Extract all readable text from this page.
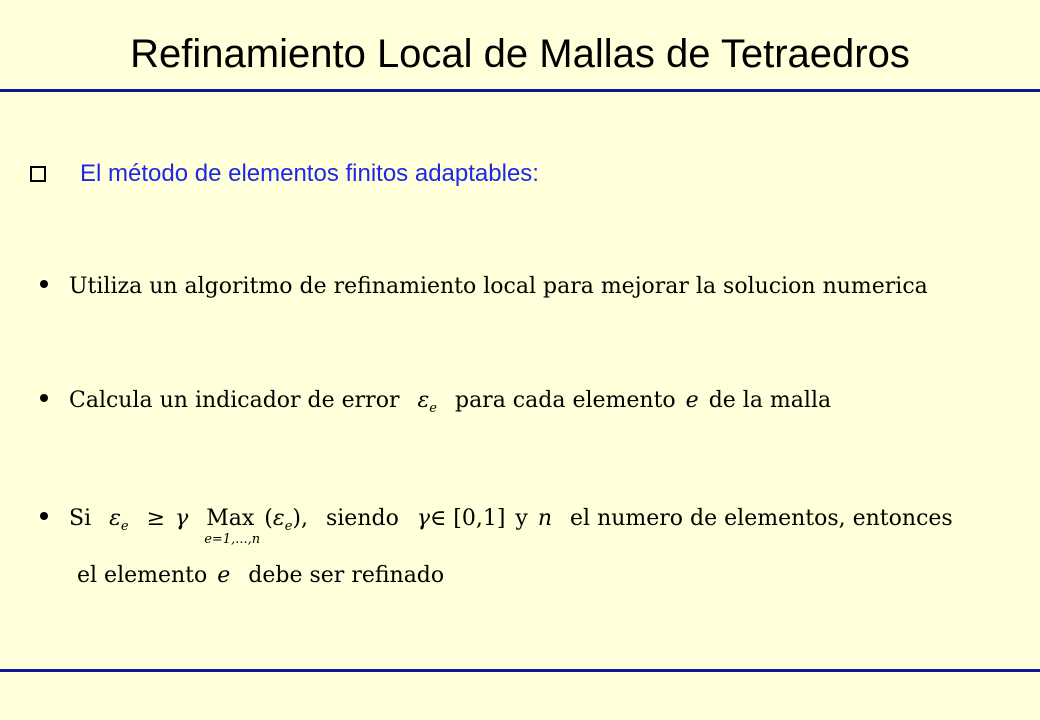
Refinamiento Local de Mallas de Tetraedros
El método de elementos finitos adaptables:
Utiliza un algoritmo de refinamiento local para mejorar la solucion numerica
Calcula un indicador de error ε e para cada elemento e de la malla
Si ε e ≥ γ Max
e=1,...,n
( ε e ), siendo γ ∈ [0,1] y n el numero de elementos, entonces
el elemento e debe ser refinado
